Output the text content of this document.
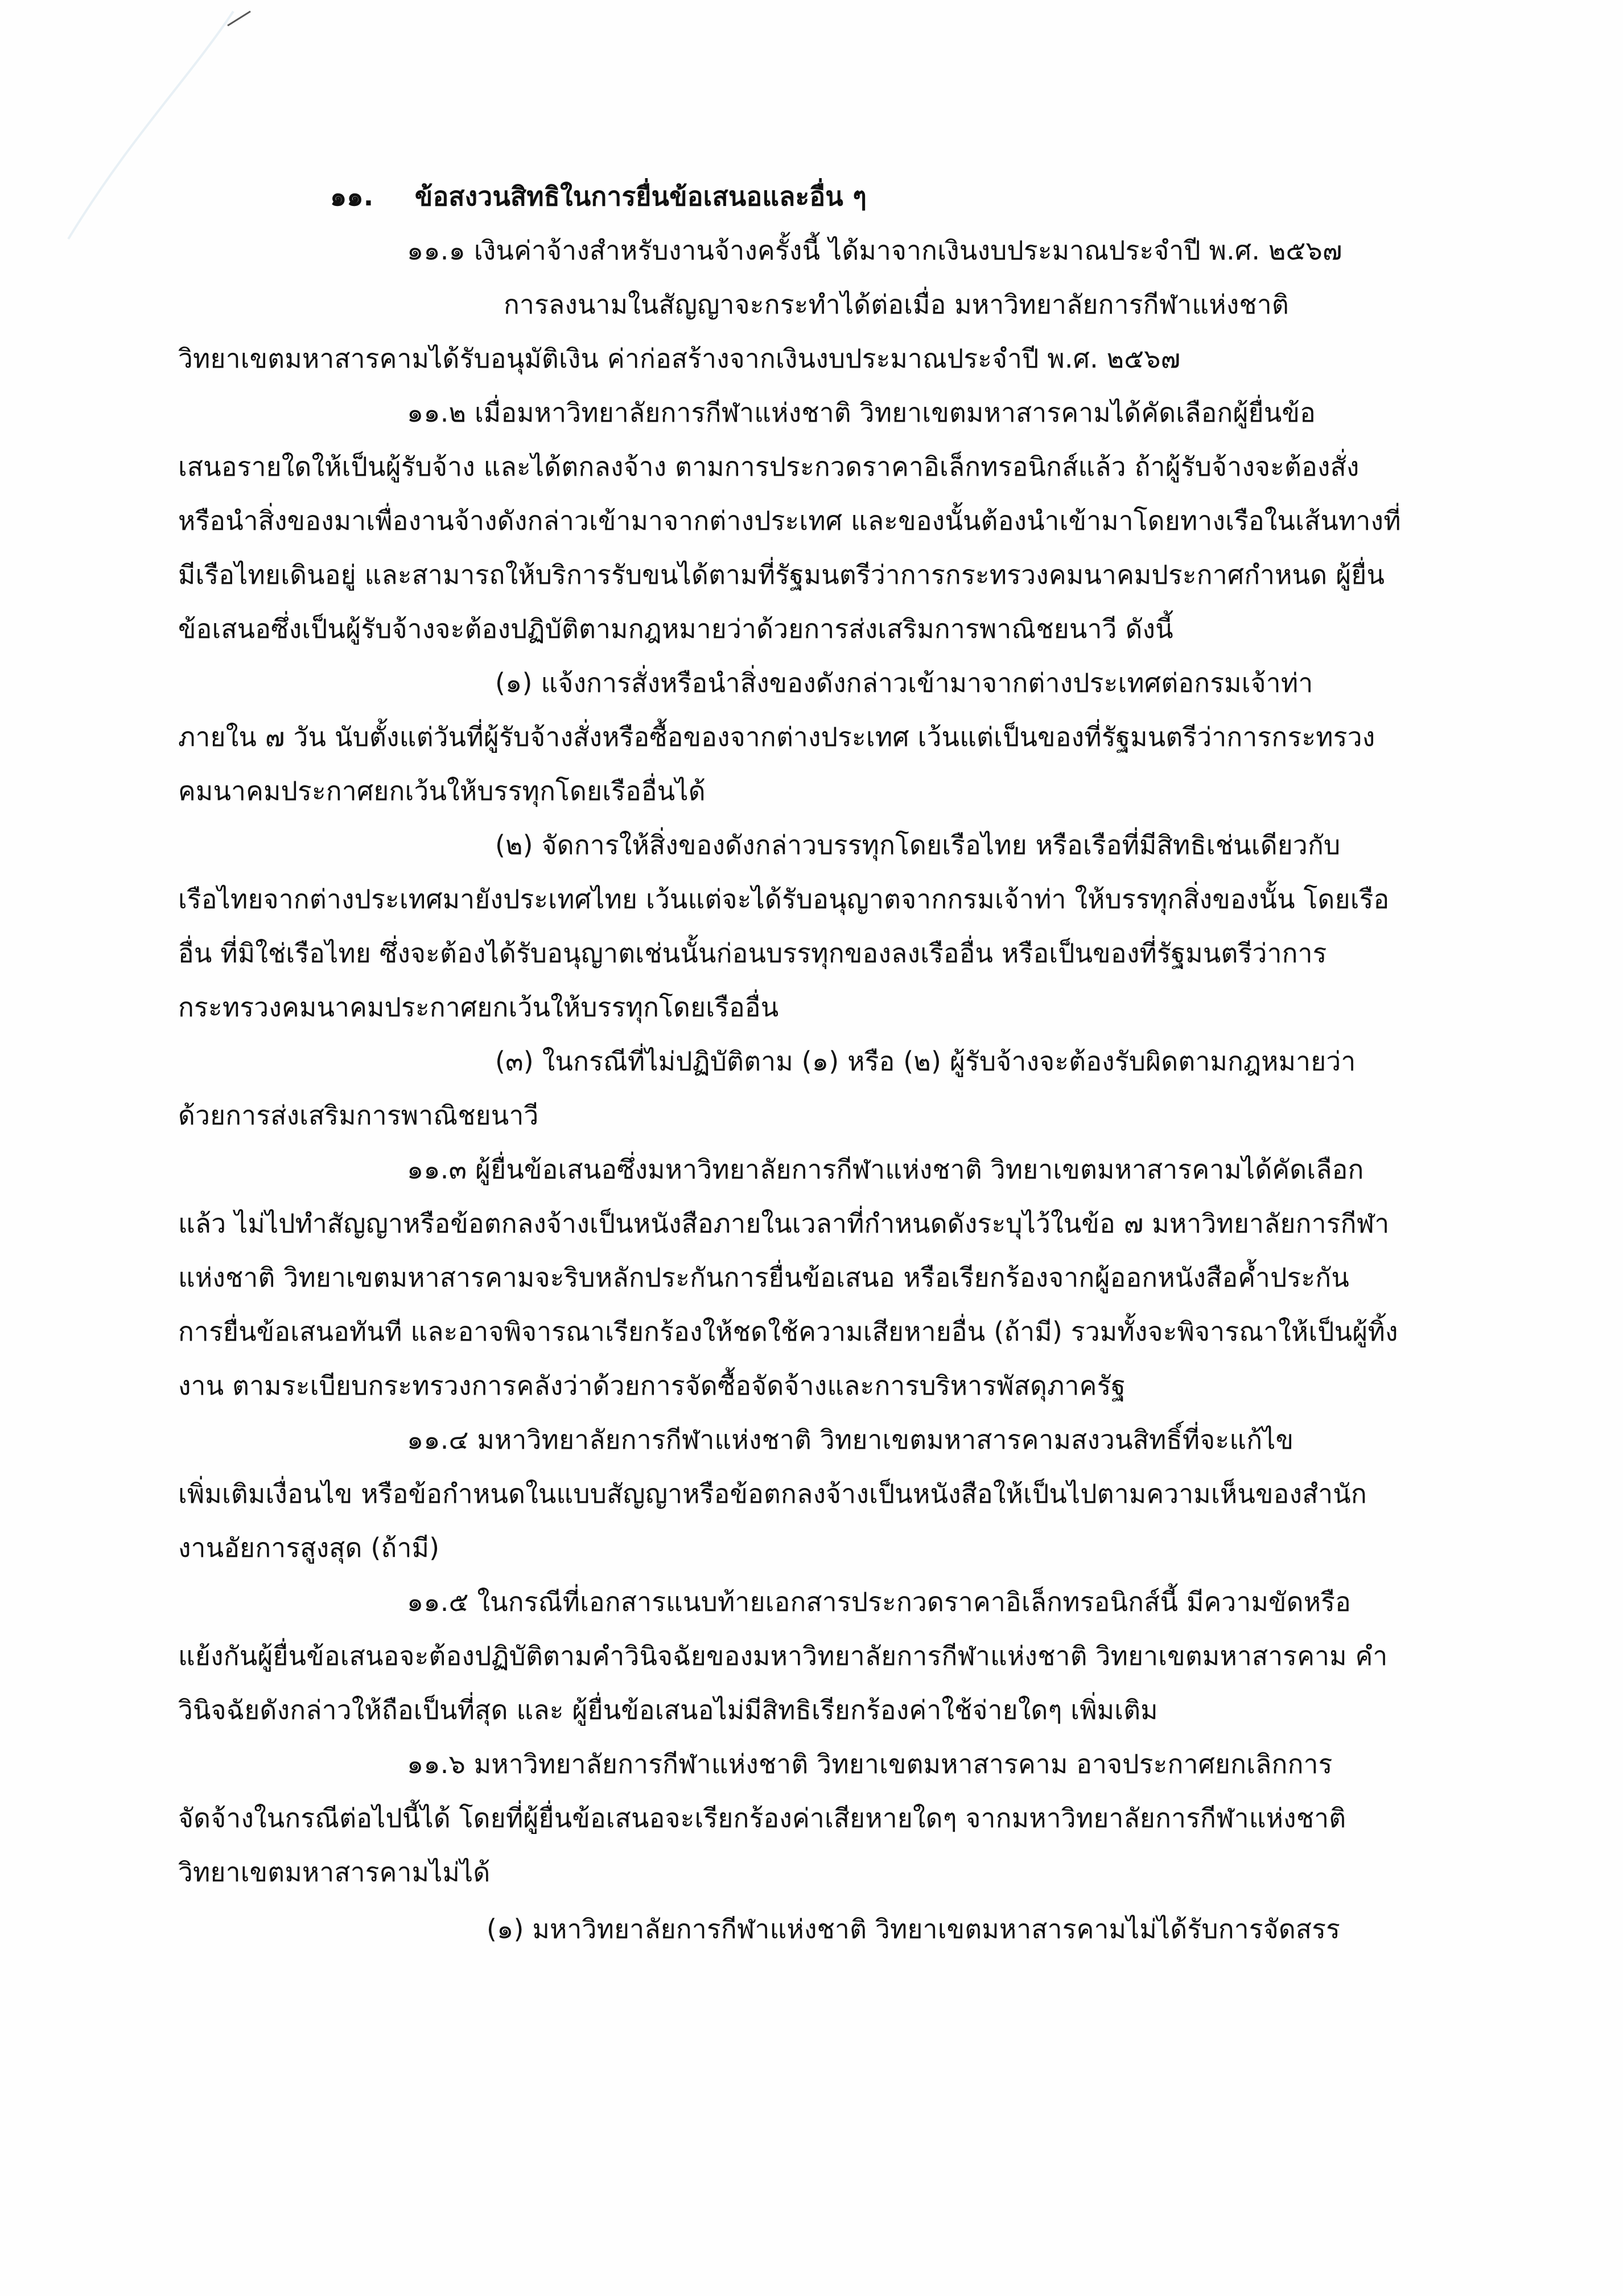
๑๑. ข้อสงวนสิทธิในการยื่นข้อเสนอและอื่น ๆ
๑๑.๑ เงินค่าจ้างสำหรับงานจ้างครั้งนี้ ได้มาจากเงินงบประมาณประจำปี พ.ศ. ๒๕๖๗
การลงนามในสัญญาจะกระทำได้ต่อเมื่อ มหาวิทยาลัยการกีฬาแห่งชาติ
วิทยาเขตมหาสารคามได้รับอนุมัติเงิน ค่าก่อสร้างจากเงินงบประมาณประจำปี พ.ศ. ๒๕๖๗
๑๑.๒ เมื่อมหาวิทยาลัยการกีฬาแห่งชาติ วิทยาเขตมหาสารคามได้คัดเลือกผู้ยื่นข้อ
เสนอรายใดให้เป็นผู้รับจ้าง และได้ตกลงจ้าง ตามการประกวดราคาอิเล็กทรอนิกส์แล้ว ถ้าผู้รับจ้างจะต้องสั่ง
หรือนำสิ่งของมาเพื่องานจ้างดังกล่าวเข้ามาจากต่างประเทศ และของนั้นต้องนำเข้ามาโดยทางเรือในเส้นทางที่
มีเรือไทยเดินอยู่ และสามารถให้บริการรับขนได้ตามที่รัฐมนตรีว่าการกระทรวงคมนาคมประกาศกำหนด ผู้ยื่น
ข้อเสนอซึ่งเป็นผู้รับจ้างจะต้องปฏิบัติตามกฎหมายว่าด้วยการส่งเสริมการพาณิชยนาวี ดังนี้
(๑) แจ้งการสั่งหรือนำสิ่งของดังกล่าวเข้ามาจากต่างประเทศต่อกรมเจ้าท่า
ภายใน ๗ วัน นับตั้งแต่วันที่ผู้รับจ้างสั่งหรือซื้อของจากต่างประเทศ เว้นแต่เป็นของที่รัฐมนตรีว่าการกระทรวง
คมนาคมประกาศยกเว้นให้บรรทุกโดยเรืออื่นได้
(๒) จัดการให้สิ่งของดังกล่าวบรรทุกโดยเรือไทย หรือเรือที่มีสิทธิเช่นเดียวกับ
เรือไทยจากต่างประเทศมายังประเทศไทย เว้นแต่จะได้รับอนุญาตจากกรมเจ้าท่า ให้บรรทุกสิ่งของนั้น โดยเรือ
อื่น ที่มิใช่เรือไทย ซึ่งจะต้องได้รับอนุญาตเช่นนั้นก่อนบรรทุกของลงเรืออื่น หรือเป็นของที่รัฐมนตรีว่าการ
กระทรวงคมนาคมประกาศยกเว้นให้บรรทุกโดยเรืออื่น
(๓) ในกรณีที่ไม่ปฏิบัติตาม (๑) หรือ (๒) ผู้รับจ้างจะต้องรับผิดตามกฎหมายว่า
ด้วยการส่งเสริมการพาณิชยนาวี
๑๑.๓ ผู้ยื่นข้อเสนอซึ่งมหาวิทยาลัยการกีฬาแห่งชาติ วิทยาเขตมหาสารคามได้คัดเลือก
แล้ว ไม่ไปทำสัญญาหรือข้อตกลงจ้างเป็นหนังสือภายในเวลาที่กำหนดดังระบุไว้ในข้อ ๗ มหาวิทยาลัยการกีฬา
แห่งชาติ วิทยาเขตมหาสารคามจะริบหลักประกันการยื่นข้อเสนอ หรือเรียกร้องจากผู้ออกหนังสือค้ำประกัน
การยื่นข้อเสนอทันที และอาจพิจารณาเรียกร้องให้ชดใช้ความเสียหายอื่น (ถ้ามี) รวมทั้งจะพิจารณาให้เป็นผู้ทิ้ง
งาน ตามระเบียบกระทรวงการคลังว่าด้วยการจัดซื้อจัดจ้างและการบริหารพัสดุภาครัฐ
๑๑.๔ มหาวิทยาลัยการกีฬาแห่งชาติ วิทยาเขตมหาสารคามสงวนสิทธิ์ที่จะแก้ไข
เพิ่มเติมเงื่อนไข หรือข้อกำหนดในแบบสัญญาหรือข้อตกลงจ้างเป็นหนังสือให้เป็นไปตามความเห็นของสำนัก
งานอัยการสูงสุด (ถ้ามี)
๑๑.๕ ในกรณีที่เอกสารแนบท้ายเอกสารประกวดราคาอิเล็กทรอนิกส์นี้ มีความขัดหรือ
แย้งกันผู้ยื่นข้อเสนอจะต้องปฏิบัติตามคำวินิจฉัยของมหาวิทยาลัยการกีฬาแห่งชาติ วิทยาเขตมหาสารคาม คำ
วินิจฉัยดังกล่าวให้ถือเป็นที่สุด และ ผู้ยื่นข้อเสนอไม่มีสิทธิเรียกร้องค่าใช้จ่ายใดๆ เพิ่มเติม
๑๑.๖ มหาวิทยาลัยการกีฬาแห่งชาติ วิทยาเขตมหาสารคาม อาจประกาศยกเลิกการ
จัดจ้างในกรณีต่อไปนี้ได้ โดยที่ผู้ยื่นข้อเสนอจะเรียกร้องค่าเสียหายใดๆ จากมหาวิทยาลัยการกีฬาแห่งชาติ
วิทยาเขตมหาสารคามไม่ได้
(๑) มหาวิทยาลัยการกีฬาแห่งชาติ วิทยาเขตมหาสารคามไม่ได้รับการจัดสรร
